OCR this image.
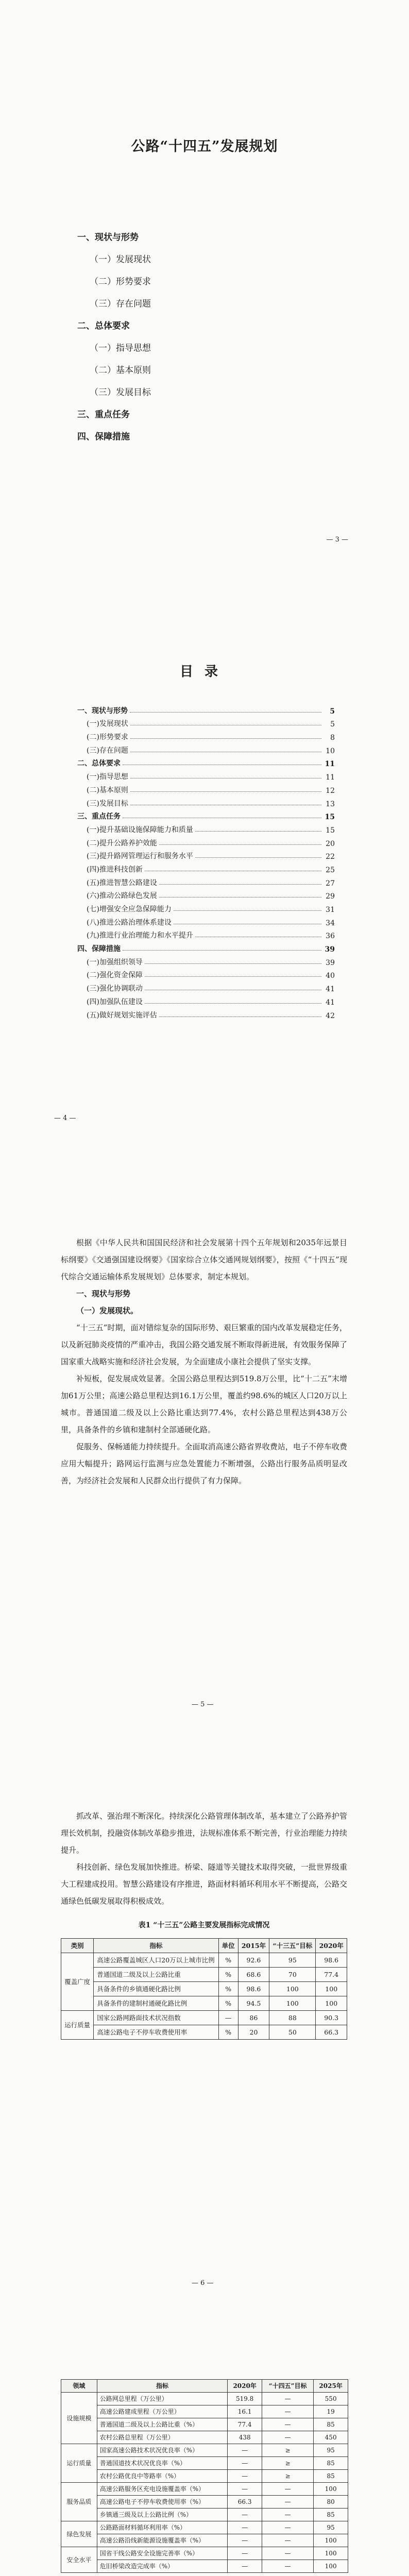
公路“十四五”发展规划
一、现状与形势
（一）发展现状
（二）形势要求
（三）存在问题
二、总体要求
（一）指导思想
（二）基本原则
（三）发展目标
三、重点任务
四、保障措施
— 3 —
目录
一、现状与形势	5
(一)发展现状	5
(二)形势要求	8
(三)存在问题	10
二、总体要求	11
(一)指导思想	11
(二)基本原则	12
(三)发展目标	13
三、重点任务	15
(一)提升基础设施保障能力和质量	15
(二)提升公路养护效能	20
(三)提升路网管理运行和服务水平	22
(四)推进科技创新	25
(五)推进智慧公路建设	27
(六)推动公路绿色发展	29
(七)增强安全应急保障能力	31
(八)推进公路治理体系建设	34
(九)推进行业治理能力和水平提升	36
四、保障措施	39
(一)加强组织领导	39
(二)强化资金保障	40
(三)强化协调联动	41
(四)加强队伍建设	41
(五)做好规划实施评估	42
— 4 —

根据《中华人民共和国国民经济和社会发展第十四个五年规划和2035年远景目标纲要》《交通强国建设纲要》《国家综合立体交通网规划纲要》，按照《“十四五”现代综合交通运输体系发展规划》总体要求，制定本规划。

一、现状与形势

（一）发展现状。

“十三五”时期，面对错综复杂的国际形势、艰巨繁重的国内改革发展稳定任务，以及新冠肺炎疫情的严重冲击，我国公路交通发展不断取得新进展，有效服务保障了国家重大战略实施和经济社会发展，为全面建成小康社会提供了坚实支撑。

补短板，促发展成效显著。全国公路总里程达到519.8万公里，比“十二五”末增加61万公里；高速公路总里程达到16.1万公里，覆盖约98.6%的城区人口20万以上城市。普通国道二级及以上公路比重达到77.4%，农村公路总里程达到438万公里，具备条件的乡镇和建制村全部通硬化路。

促服务、保畅通能力持续提升。全面取消高速公路省界收费站，电子不停车收费应用大幅提升；路网运行监测与应急处置能力不断增强，公路出行服务品质明显改善，为经济社会发展和人民群众出行提供了有力保障。

— 5 —

抓改革、强治理不断深化。持续深化公路管理体制改革，基本建立了公路养护管理长效机制，投融资体制改革稳步推进，法规标准体系不断完善，行业治理能力持续提升。

科技创新、绿色发展加快推进。桥梁、隧道等关键技术取得突破，一批世界级重大工程建成投用。智慧公路建设有序推进，路面材料循环利用水平不断提高，公路交通绿色低碳发展取得积极成效。

表1 “十三五”公路主要发展指标完成情况
类别	指标	单位	2015年	“十三五”目标	2020年
覆盖广度	高速公路覆盖城区人口20万以上城市比例	%	92.6	95	98.6
	普通国道二级及以上公路比重	%	68.6	70	77.4
	具备条件的乡镇通硬化路比例	%	98.6	100	100
	具备条件的建制村通硬化路比例	%	94.5	100	100
运行质量	国家公路网路面技术状况指数	—	86	88	90.3
	高速公路电子不停车收费使用率	%	20	50	66.3
— 6 —
领域	指标	2020年	“十四五”目标	2025年
设施规模	公路网总里程（万公里）	519.8	—	550
	高速公路建成里程（万公里）	16.1	—	19
	普通国道二级及以上公路比重（%）	77.4	—	85
	农村公路总里程（万公里）	438	—	450
运行质量	国家高速公路技术状况优良率（%）	—	≥	95
	普通国道技术状况优良率（%）	—	≥	85
	农村公路优良中等路率（%）	—	≥	85
服务品质	高速公路服务区充电设施覆盖率（%）	—	—	100
	高速公路电子不停车收费使用率（%）	66.3	—	80
	乡镇通三级及以上公路比例（%）	—	—	85
绿色发展	公路路面材料循环利用率（%）	—	—	95
	高速公路沿线新能源设施覆盖率（%）	—	—	100
安全水平	国省干线公路安全设施完善率（%）	—	—	100
	危旧桥梁改造完成率（%）	—	—	100
